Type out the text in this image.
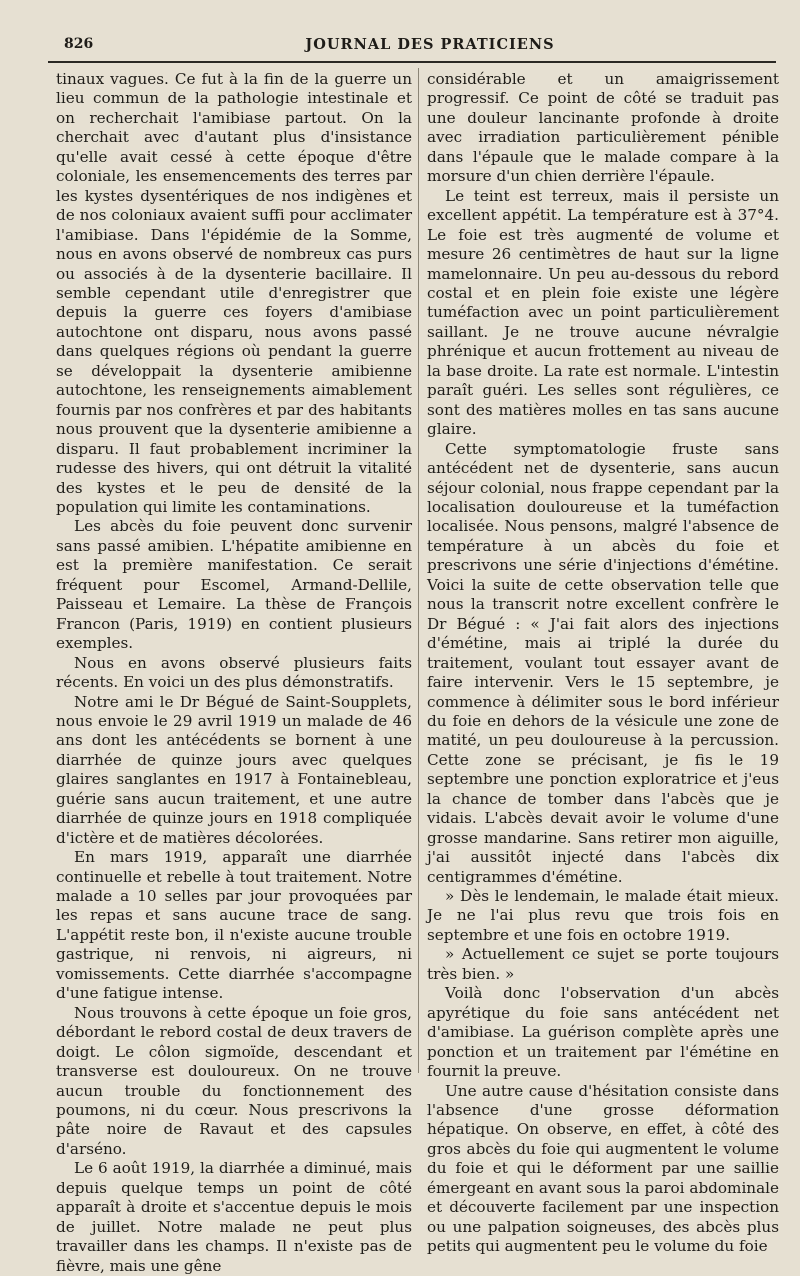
826	JOURNAL DES PRATICIENS

tinaux vagues. Ce fut à la fin de la guerre un lieu commun de la pathologie intestinale et on recherchait l'amibiase partout. On la cherchait avec d'autant plus d'insistance qu'elle avait cessé à cette époque d'être coloniale, les ensemencements des terres par les kystes dysentériques de nos indigènes et de nos coloniaux avaient suffi pour acclimater l'amibiase. Dans l'épidémie de la Somme, nous en avons observé de nombreux cas purs ou associés à de la dysenterie bacillaire. Il semble cependant utile d'enregistrer que depuis la guerre ces foyers d'amibiase autochtone ont disparu, nous avons passé dans quelques régions où pendant la guerre se développait la dysenterie amibienne autochtone, les renseignements aimablement fournis par nos confrères et par des habitants nous prouvent que la dysenterie amibienne a disparu. Il faut probablement incriminer la rudesse des hivers, qui ont détruit la vitalité des kystes et le peu de densité de la population qui limite les contaminations.

Les abcès du foie peuvent donc survenir sans passé amibien. L'hépatite amibienne en est la première manifestation. Ce serait fréquent pour Escomel, Armand-Dellile, Paisseau et Lemaire. La thèse de François Francon (Paris, 1919) en contient plusieurs exemples.

Nous en avons observé plusieurs faits récents. En voici un des plus démonstratifs.

Notre ami le Dr Bégué de Saint-Soupplets, nous envoie le 29 avril 1919 un malade de 46 ans dont les antécédents se bornent à une diarrhée de quinze jours avec quelques glaires sanglantes en 1917 à Fontainebleau, guérie sans aucun traitement, et une autre diarrhée de quinze jours en 1918 compliquée d'ictère et de matières décolorées.

En mars 1919, apparaît une diarrhée continuelle et rebelle à tout traitement. Notre malade a 10 selles par jour provoquées par les repas et sans aucune trace de sang. L'appétit reste bon, il n'existe aucune trouble gastrique, ni renvois, ni aigreurs, ni vomissements. Cette diarrhée s'accompagne d'une fatigue intense.

Nous trouvons à cette époque un foie gros, débordant le rebord costal de deux travers de doigt. Le côlon sigmoïde, descendant et transverse est douloureux. On ne trouve aucun trouble du fonctionnement des poumons, ni du cœur. Nous prescrivons la pâte noire de Ravaut et des capsules d'arséno.

Le 6 août 1919, la diarrhée a diminué, mais depuis quelque temps un point de côté apparaît à droite et s'accentue depuis le mois de juillet. Notre malade ne peut plus travailler dans les champs. Il n'existe pas de fièvre, mais une gêne

considérable et un amaigrissement progressif. Ce point de côté se traduit pas une douleur lancinante profonde à droite avec irradiation particulièrement pénible dans l'épaule que le malade compare à la morsure d'un chien derrière l'épaule.

Le teint est terreux, mais il persiste un excellent appétit. La température est à 37°4. Le foie est très augmenté de volume et mesure 26 centimètres de haut sur la ligne mamelonnaire. Un peu au-dessous du rebord costal et en plein foie existe une légère tuméfaction avec un point particulièrement saillant. Je ne trouve aucune névralgie phrénique et aucun frottement au niveau de la base droite. La rate est normale. L'intestin paraît guéri. Les selles sont régulières, ce sont des matières molles en tas sans aucune glaire.

Cette symptomatologie fruste sans antécédent net de dysenterie, sans aucun séjour colonial, nous frappe cependant par la localisation douloureuse et la tuméfaction localisée. Nous pensons, malgré l'absence de température à un abcès du foie et prescrivons une série d'injections d'émétine. Voici la suite de cette observation telle que nous la transcrit notre excellent confrère le Dr Bégué : « J'ai fait alors des injections d'émétine, mais ai triplé la durée du traitement, voulant tout essayer avant de faire intervenir. Vers le 15 septembre, je commence à délimiter sous le bord inférieur du foie en dehors de la vésicule une zone de matité, un peu douloureuse à la percussion. Cette zone se précisant, je fis le 19 septembre une ponction exploratrice et j'eus la chance de tomber dans l'abcès que je vidais. L'abcès devait avoir le volume d'une grosse mandarine. Sans retirer mon aiguille, j'ai aussitôt injecté dans l'abcès dix centigrammes d'émétine.

» Dès le lendemain, le malade était mieux. Je ne l'ai plus revu que trois fois en septembre et une fois en octobre 1919.

» Actuellement ce sujet se porte toujours très bien. »

Voilà donc l'observation d'un abcès apyrétique du foie sans antécédent net d'amibiase. La guérison complète après une ponction et un traitement par l'émétine en fournit la preuve.

Une autre cause d'hésitation consiste dans l'absence d'une grosse déformation hépatique. On observe, en effet, à côté des gros abcès du foie qui augmentent le volume du foie et qui le déforment par une saillie émergeant en avant sous la paroi abdominale et découverte facilement par une inspection ou une palpation soigneuses, des abcès plus petits qui augmentent peu le volume du foie
